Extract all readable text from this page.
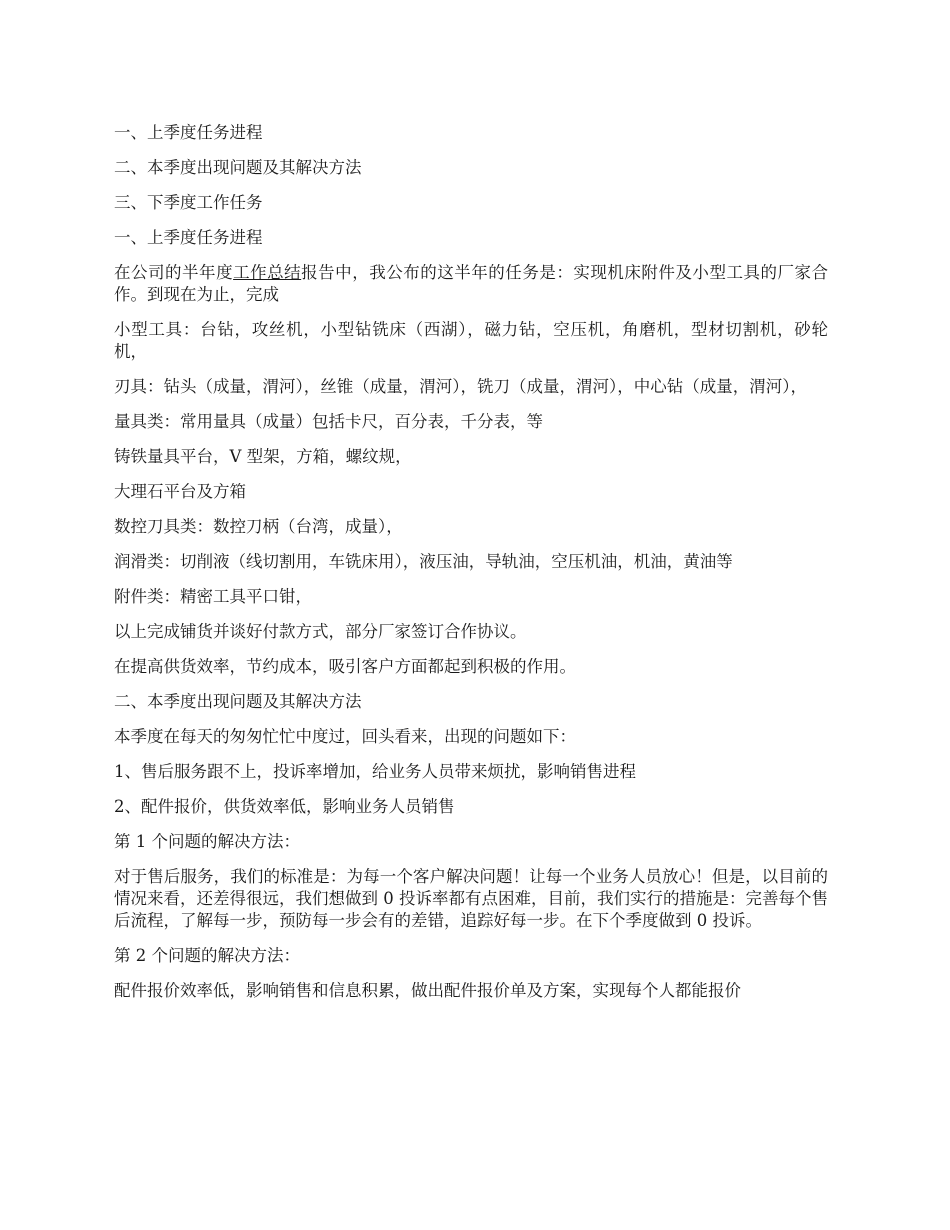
一、上季度任务进程

二、本季度出现问题及其解决方法

三、下季度工作任务

一、上季度任务进程

在公司的半年度工作总结报告中，我公布的这半年的任务是：实现机床附件及小型工具的厂家合作。到现在为止，完成

小型工具：台钻，攻丝机，小型钻铣床（西湖），磁力钻，空压机，角磨机，型材切割机，砂轮机，

刃具：钻头（成量，渭河），丝锥（成量，渭河），铣刀（成量，渭河），中心钻（成量，渭河），

量具类：常用量具（成量）包括卡尺，百分表，千分表，等

铸铁量具平台，V 型架，方箱，螺纹规，

大理石平台及方箱

数控刀具类：数控刀柄（台湾，成量），

润滑类：切削液（线切割用，车铣床用），液压油，导轨油，空压机油，机油，黄油等

附件类：精密工具平口钳，

以上完成铺货并谈好付款方式，部分厂家签订合作协议。

在提高供货效率，节约成本，吸引客户方面都起到积极的作用。

二、本季度出现问题及其解决方法

本季度在每天的匆匆忙忙中度过，回头看来，出现的问题如下：

1、售后服务跟不上，投诉率增加，给业务人员带来烦扰，影响销售进程

2、配件报价，供货效率低，影响业务人员销售

第 1 个问题的解决方法：

对于售后服务，我们的标准是：为每一个客户解决问题！让每一个业务人员放心！但是，以目前的情况来看，还差得很远，我们想做到 0 投诉率都有点困难，目前，我们实行的措施是：完善每个售后流程，了解每一步，预防每一步会有的差错，追踪好每一步。在下个季度做到 0 投诉。

第 2 个问题的解决方法：

配件报价效率低，影响销售和信息积累，做出配件报价单及方案，实现每个人都能报价
